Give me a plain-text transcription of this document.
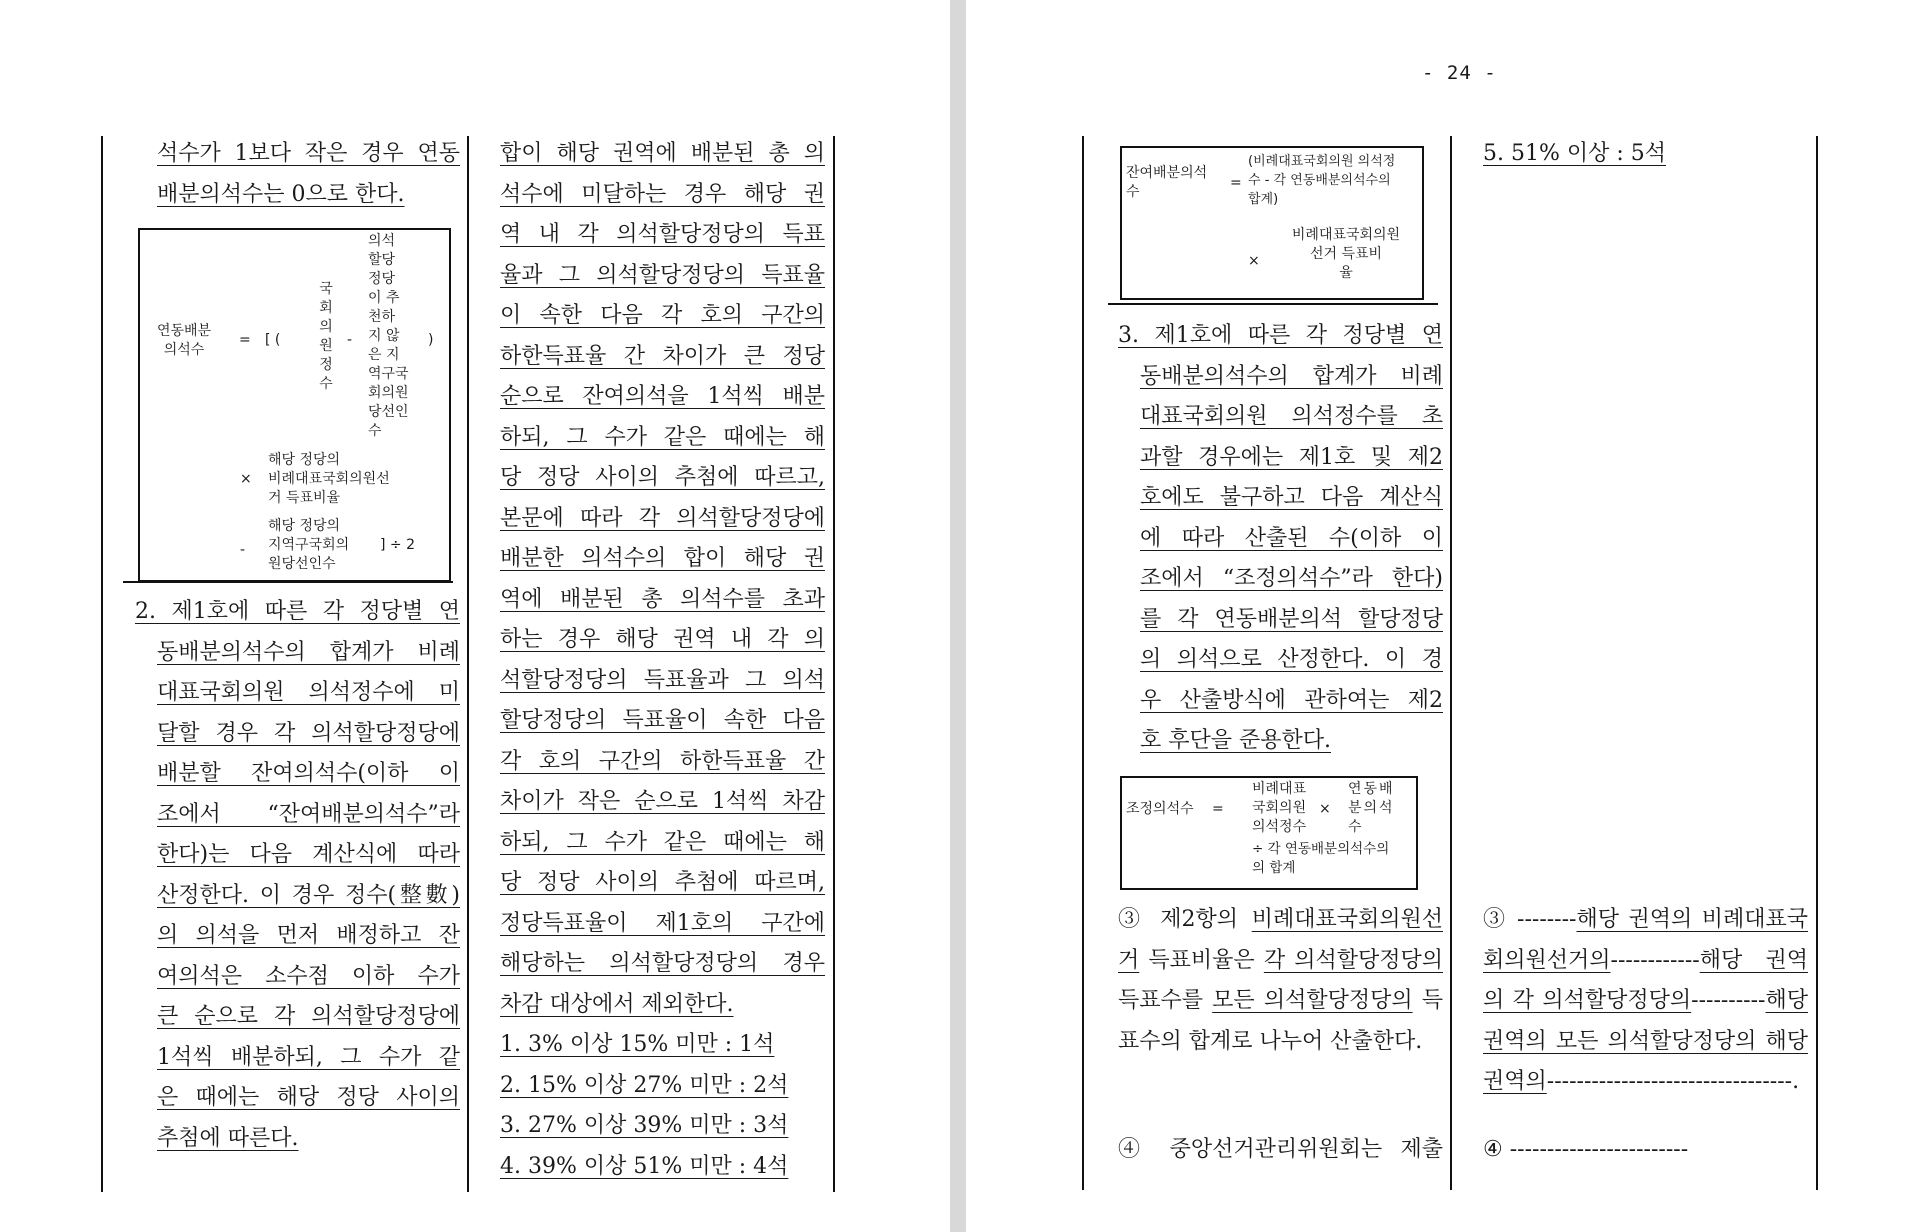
석수가 1보다 작은 경우 연동

배분의석수는 0으로 한다.

연동배분
의석수
= [ (
국
회
의
원
정
수
-
의석
할당
정당
이 추
천하
지 않
은 지
역구국
회의원
당선인
수
)
×
해당 정당의
비례대표국회의원선
거 득표비율
-
해당 정당의
지역구국회의
원당선인수
] ÷ 2

2. 제1호에 따른 각 정당별 연

동배분의석수의 합계가 비례

대표국회의원 의석정수에 미

달할 경우 각 의석할당정당에

배분할 잔여의석수(이하 이

조에서 “잔여배분의석수”라

한다)는 다음 계산식에 따라

산정한다. 이 경우 정수(整數)

의 의석을 먼저 배정하고 잔

여의석은 소수점 이하 수가

큰 순으로 각 의석할당정당에

1석씩 배분하되, 그 수가 같

은 때에는 해당 정당 사이의

추첨에 따른다.

합이 해당 권역에 배분된 총 의

석수에 미달하는 경우 해당 권

역 내 각 의석할당정당의 득표

율과 그 의석할당정당의 득표율

이 속한 다음 각 호의 구간의

하한득표율 간 차이가 큰 정당

순으로 잔여의석을 1석씩 배분

하되, 그 수가 같은 때에는 해

당 정당 사이의 추첨에 따르고,

본문에 따라 각 의석할당정당에

배분한 의석수의 합이 해당 권

역에 배분된 총 의석수를 초과

하는 경우 해당 권역 내 각 의

석할당정당의 득표율과 그 의석

할당정당의 득표율이 속한 다음

각 호의 구간의 하한득표율 간

차이가 작은 순으로 1석씩 차감

하되, 그 수가 같은 때에는 해

당 정당 사이의 추첨에 따르며,

정당득표율이 제1호의 구간에

해당하는 의석할당정당의 경우

차감 대상에서 제외한다.

1. 3% 이상 15% 미만 : 1석

2. 15% 이상 27% 미만 : 2석

3. 27% 이상 39% 미만 : 3석

4. 39% 이상 51% 미만 : 4석

- 24 -
잔여배분의석
수
=
(비례대표국회의원 의석정
수 - 각 연동배분의석수의
합계)
×
비례대표국회의원
선거 득표비
율

3. 제1호에 따른 각 정당별 연

동배분의석수의 합계가 비례

대표국회의원 의석정수를 초

과할 경우에는 제1호 및 제2

호에도 불구하고 다음 계산식

에 따라 산출된 수(이하 이

조에서 “조정의석수”라 한다)

를 각 연동배분의석 할당정당

의 의석으로 산정한다. 이 경

우 산출방식에 관하여는 제2

호 후단을 준용한다.

조정의석수 =
비례대표
국회의원
의석정수
×
연동배
분의석
수
÷ 각 연동배분의석수의
의 합계

③ 제2항의 비례대표국회의원선거 득표비율은 각 의석할당정당의 득표수를 모든 의석할당정당의 득표수의 합계로 나누어 산출한다.

④ 중앙선거관리위원회는 제출

5. 51% 이상 : 5석

③ --------해당 권역의 비례대표국회의원선거의------------해당 권역의 각 의석할당정당의----------해당 권역의 모든 의석할당정당의 해당 권역의---------------------------------.

④ ------------------------
